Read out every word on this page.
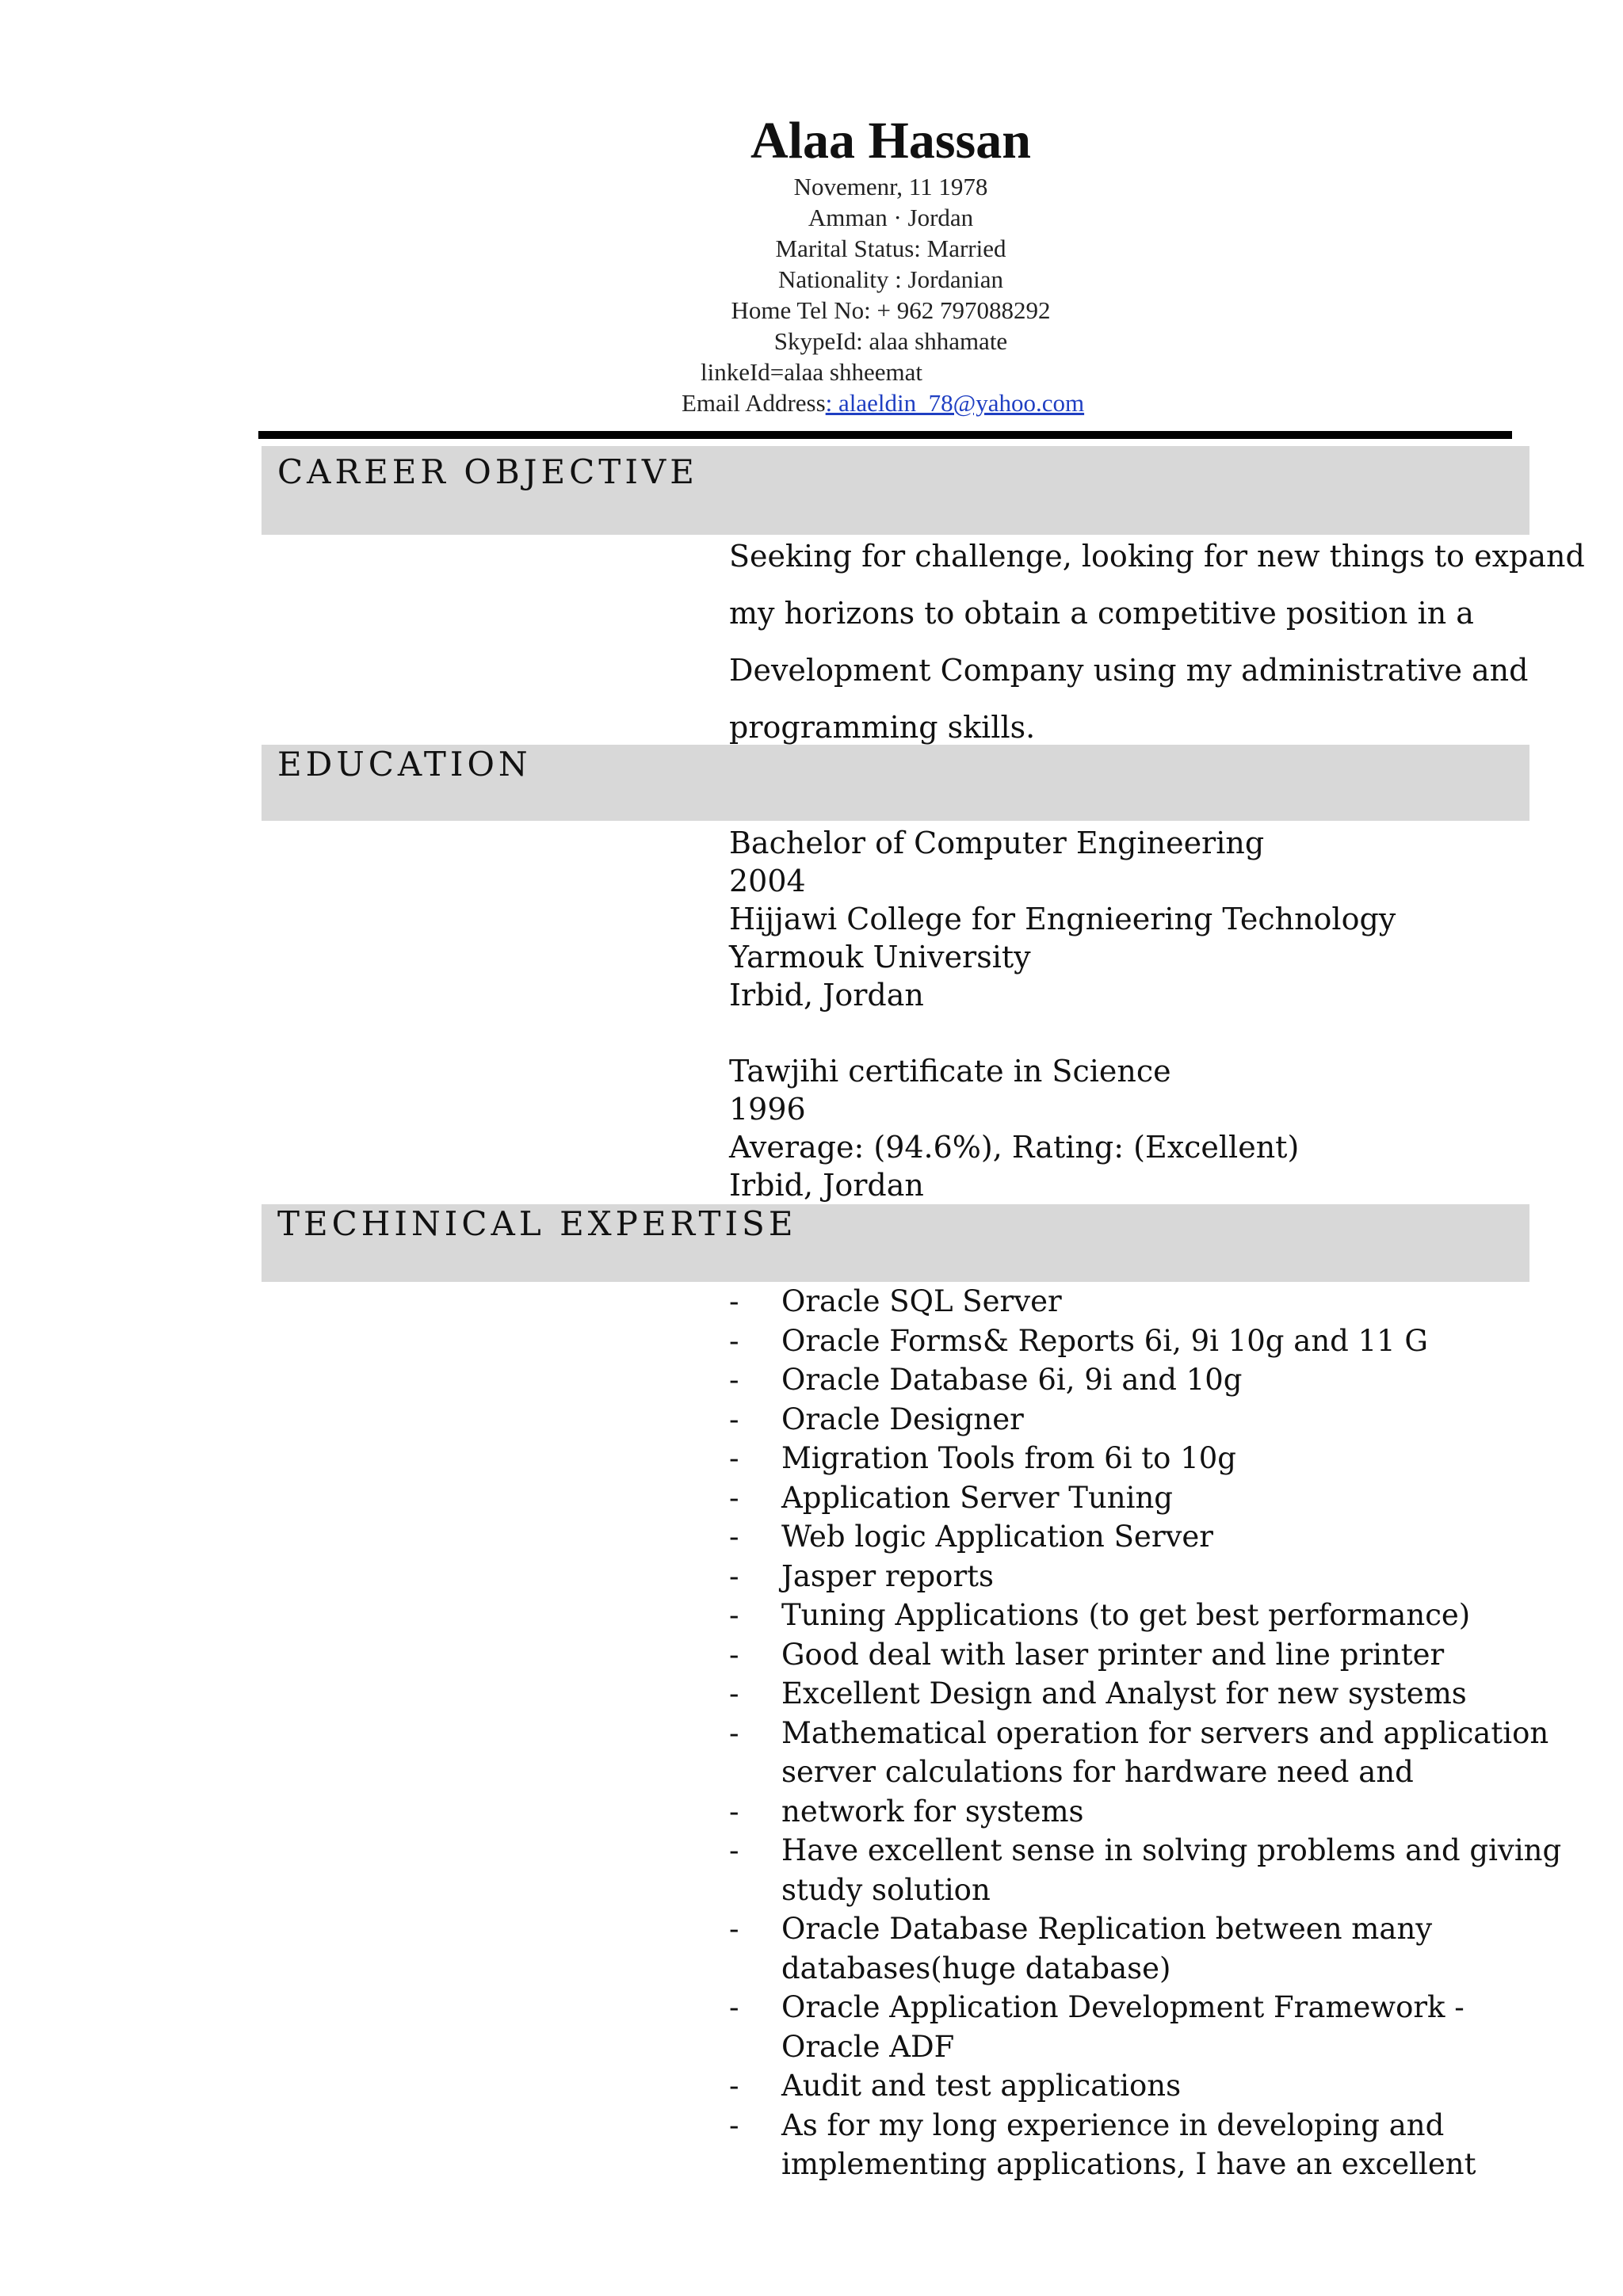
Alaa Hassan
Novemenr, 11 1978
Amman · Jordan
Marital Status: Married
Nationality : Jordanian
Home Tel No: + 962 797088292
SkypeId: alaa shhamate
linkeId=alaa shheemat
Email Address: alaeldin_78@yahoo.com
CAREER OBJECTIVE
Seeking for challenge, looking for new things to expand
my horizons to obtain a competitive position in a
Development Company using my administrative and
programming skills.
EDUCATION
Bachelor of Computer Engineering
2004
Hijjawi College for Engnieering Technology
Yarmouk University
Irbid, Jordan
Tawjihi certificate in Science
1996
Average: (94.6%), Rating: (Excellent)
Irbid, Jordan
TECHINICAL EXPERTISE
- Oracle SQL Server
- Oracle Forms& Reports 6i, 9i 10g and 11 G
- Oracle Database 6i, 9i and 10g
- Oracle Designer
- Migration Tools from 6i to 10g
- Application Server Tuning
- Web logic Application Server
- Jasper reports
- Tuning Applications (to get best performance)
- Good deal with laser printer and line printer
- Excellent Design and Analyst for new systems
- Mathematical operation for servers and application
server calculations for hardware need and
- network for systems
- Have excellent sense in solving problems and giving
study solution
- Oracle Database Replication between many
databases(huge database)
- Oracle Application Development Framework -
Oracle ADF
- Audit and test applications
- As for my long experience in developing and
implementing applications, I have an excellent
